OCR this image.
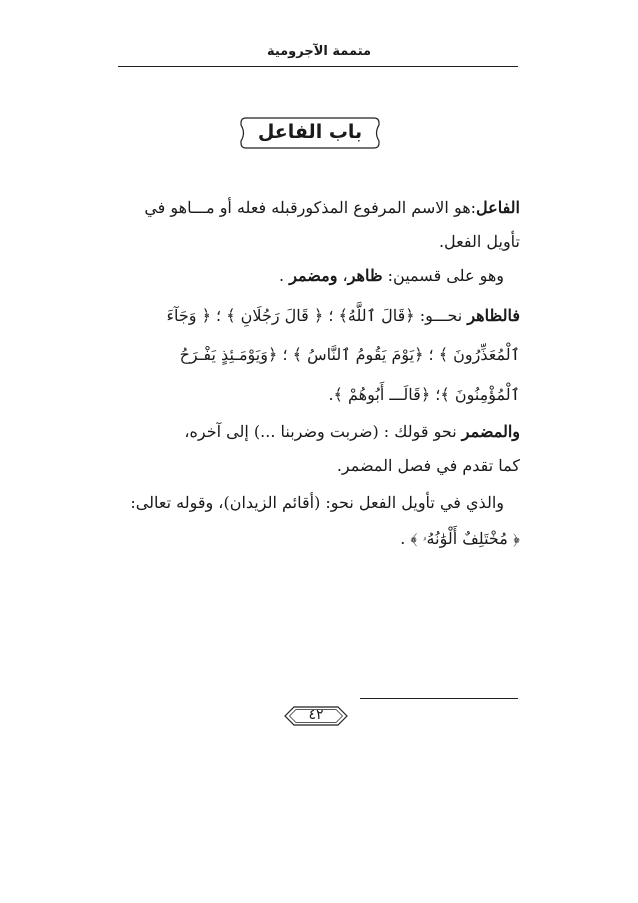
متممة الآجرومية
باب الفاعل
الفاعل:هو الاسم المرفوع المذكورقبله فعله أو مـــاهو في
تأويل الفعل.
وهو على قسمين: ظاهر، ومضمر .
فالظاهر نحـــو: ﴿قَالَ ٱللَّهُ﴾ ؛ ﴿ قَالَ رَجُلَانِ ﴾ ؛ ﴿ وَجَآءَ
ٱلْمُعَذِّرُونَ ﴾ ؛ ﴿يَوْمَ يَقُومُ ٱلنَّاسُ ﴾ ؛ ﴿وَيَوْمَـئِذٍ يَفْـرَحُ
ٱلْمُؤْمِنُونَ ﴾؛ ﴿قَالَـــ أَبُوهُمْ ﴾.
والمضمر نحو قولك : (ضربت وضربنا ...) إلى آخره،
كما تقدم في فصل المضمر.
والذي في تأويل الفعل نحو: (أقائم الزيدان)، وقوله تعالى:
﴿ مُخْتَلِفٌ أَلْوَٰنُهُۥ ﴾ .
٤٢
